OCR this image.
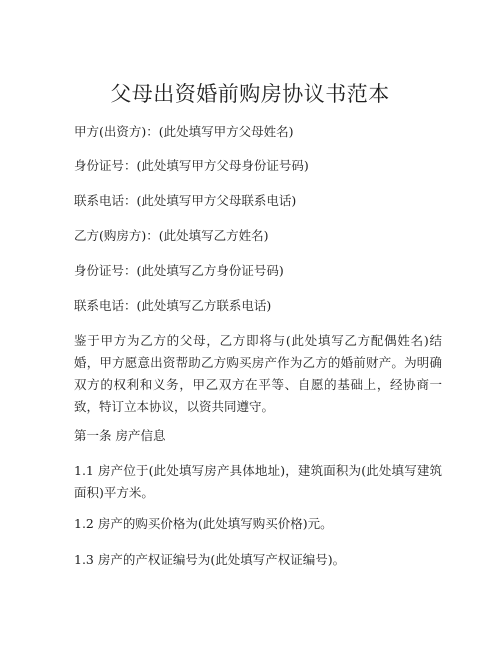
父母出资婚前购房协议书范本
甲方(出资方)：(此处填写甲方父母姓名)
身份证号：(此处填写甲方父母身份证号码)
联系电话：(此处填写甲方父母联系电话)
乙方(购房方)：(此处填写乙方姓名)
身份证号：(此处填写乙方身份证号码)
联系电话：(此处填写乙方联系电话)
鉴于甲方为乙方的父母，乙方即将与(此处填写乙方配偶姓名)结婚，甲方愿意出资帮助乙方购买房产作为乙方的婚前财产。为明确双方的权利和义务，甲乙双方在平等、自愿的基础上，经协商一致，特订立本协议，以资共同遵守。
第一条 房产信息
1.1 房产位于(此处填写房产具体地址)，建筑面积为(此处填写建筑面积)平方米。
1.2 房产的购买价格为(此处填写购买价格)元。
1.3 房产的产权证编号为(此处填写产权证编号)。
